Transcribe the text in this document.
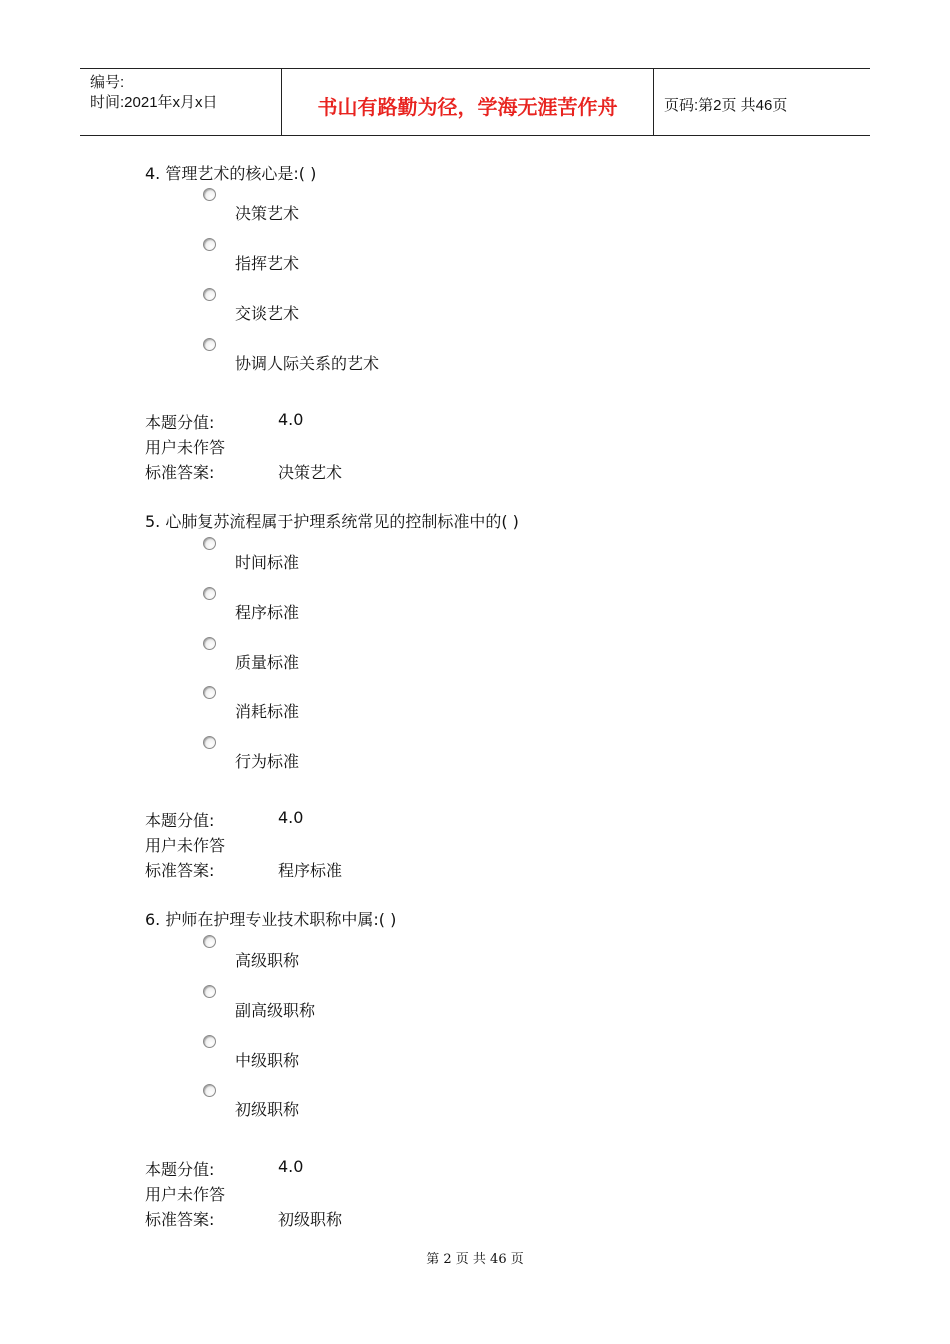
编号:
时间:2021年x月x日	书山有路勤为径，学海无涯苦作舟	页码:第2页 共46页
4. 管理艺术的核心是:( )
决策艺术
指挥艺术
交谈艺术
协调人际关系的艺术
本题分值:	4.0
用户未作答
标准答案:	决策艺术
5. 心肺复苏流程属于护理系统常见的控制标准中的( )
时间标准
程序标准
质量标准
消耗标准
行为标准
本题分值:	4.0
用户未作答
标准答案:	程序标准
6. 护师在护理专业技术职称中属:( )
高级职称
副高级职称
中级职称
初级职称
本题分值:	4.0
用户未作答
标准答案:	初级职称
第 2 页 共 46 页
